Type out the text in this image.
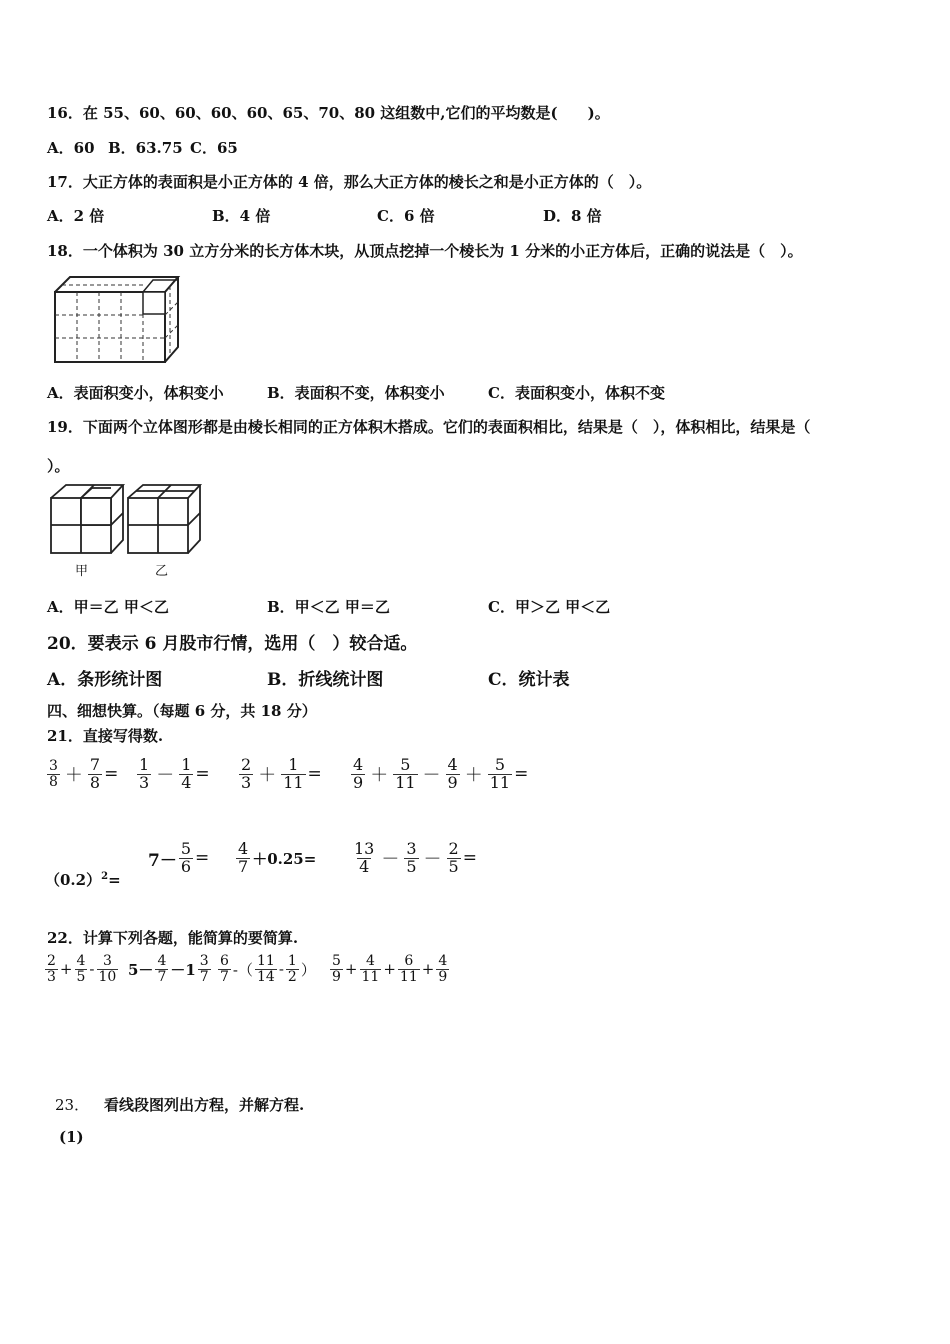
16．在 55、60、60、60、60、65、70、80 这组数中,它们的平均数是(　　)。
A．60 B．63.75 C．65
17．大正方体的表面积是小正方体的 4 倍，那么大正方体的棱长之和是小正方体的（　）。
A．2 倍	B．4 倍	C．6 倍	D．8 倍
18．一个体积为 30 立方分米的长方体木块，从顶点挖掉一个棱长为 1 分米的小正方体后，正确的说法是（　）。
A．表面积变小，体积变小	B．表面积不变，体积变小	C．表面积变小，体积不变
19．下面两个立体图形都是由棱长相同的正方体积木搭成。它们的表面积相比，结果是（　），体积相比，结果是（
）。
甲	乙
A．甲＝乙 甲＜乙	B．甲＜乙 甲＝乙	C．甲＞乙 甲＜乙
20．要表示 6 月股市行情，选用（　）较合适。
A．条形统计图	B．折线统计图	C．统计表
四、细想快算。（每题 6 分，共 18 分）
21．直接写得数.
$\frac{3}{8} + \frac{7}{8} = \frac{1}{3} - \frac{1}{4} = \frac{2}{3} + \frac{1}{11} = \frac{4}{9} + \frac{5}{11} - \frac{4}{9} + \frac{5}{11}$ =
$(0.2)^2=$
$7- \frac{5}{6} = \frac{4}{7} +0.25= \frac{13}{4} - \frac{3}{5} - \frac{2}{5}$ =
22．计算下列各题，能简算的要简算.
$\frac{2}{3} + \frac{4}{5} - \frac{3}{10} 5- \frac{4}{7} -1 \frac{3}{7} \frac{6}{7}$ -（ $\frac{11}{14} - \frac{1}{2}$ ） $\frac{5}{9} + \frac{4}{11} + \frac{6}{11} + \frac{4}{9}$
23． 看线段图列出方程，并解方程.
(1)
